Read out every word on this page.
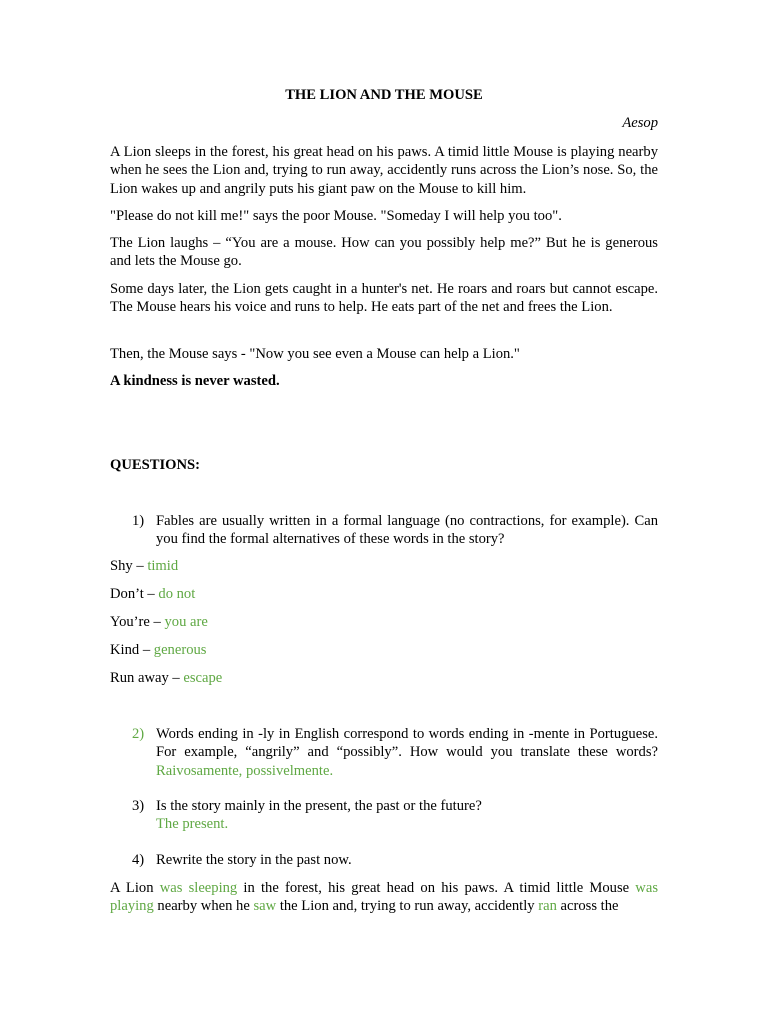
THE LION AND THE MOUSE
Aesop
A Lion sleeps in the forest, his great head on his paws. A timid little Mouse is playing nearby when he sees the Lion and, trying to run away, accidently runs across the Lion’s nose. So, the Lion wakes up and angrily puts his giant paw on the Mouse to kill him.
"Please do not kill me!" says the poor Mouse. "Someday I will help you too".
The Lion laughs – “You are a mouse. How can you possibly help me?” But he is generous and lets the Mouse go.
Some days later, the Lion gets caught in a hunter's net. He roars and roars but cannot escape. The Mouse hears his voice and runs to help. He eats part of the net and frees the Lion.
Then, the Mouse says - "Now you see even a Mouse can help a Lion."
A kindness is never wasted.
QUESTIONS:
1) Fables are usually written in a formal language (no contractions, for example). Can you find the formal alternatives of these words in the story?
Shy – timid
Don’t – do not
You’re – you are
Kind – generous
Run away – escape
2) Words ending in -ly in English correspond to words ending in -mente in Portuguese. For example, “angrily” and “possibly”. How would you translate these words? Raivosamente, possivelmente.
3) Is the story mainly in the present, the past or the future?
The present.
4) Rewrite the story in the past now.
A Lion was sleeping in the forest, his great head on his paws. A timid little Mouse was playing nearby when he saw the Lion and, trying to run away, accidently ran across the
